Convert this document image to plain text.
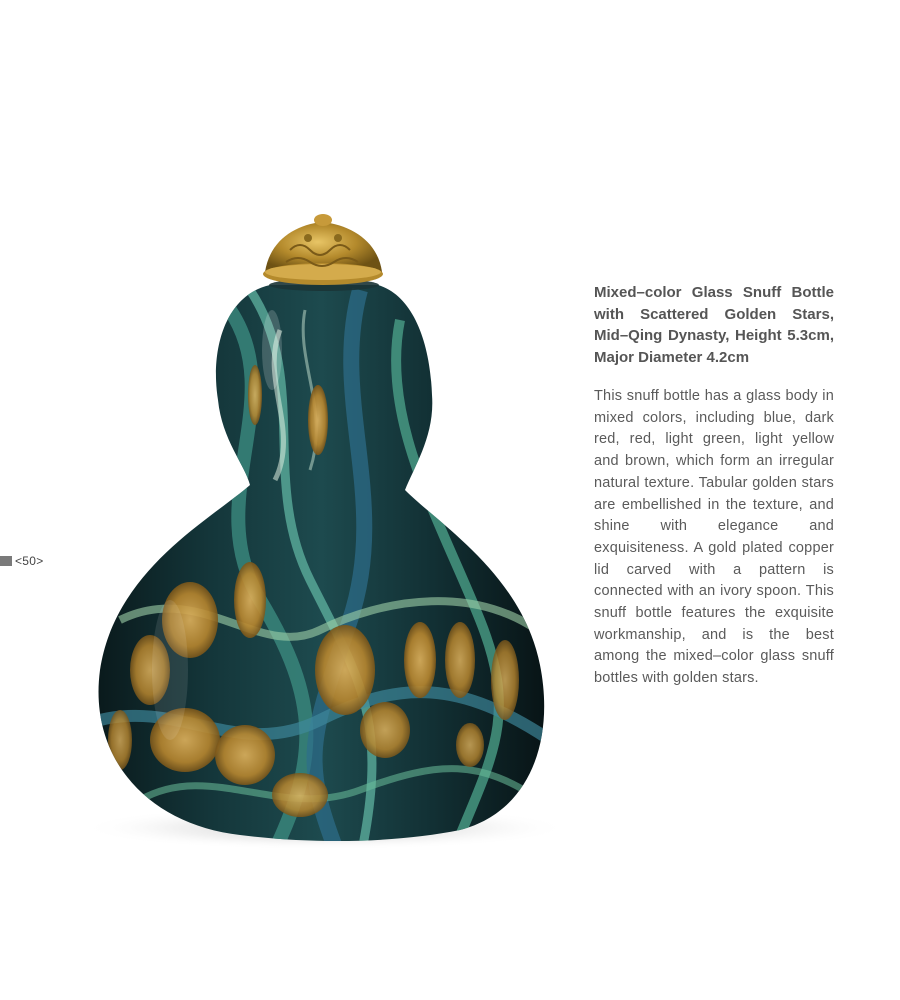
<50>

Mixed–color Glass Snuff Bottle with Scattered Golden Stars, Mid–Qing Dynasty, Height 5.3cm, Major Diameter 4.2cm

This snuff bottle has a glass body in mixed colors, including blue, dark red, red, light green, light yellow and brown, which form an irregular natural texture. Tabular golden stars are embellished in the texture, and shine with elegance and exquisiteness. A gold plated copper lid carved with a pattern is connected with an ivory spoon. This snuff bottle features the exquisite workmanship, and is the best among the mixed–color glass snuff bottles with golden stars.
